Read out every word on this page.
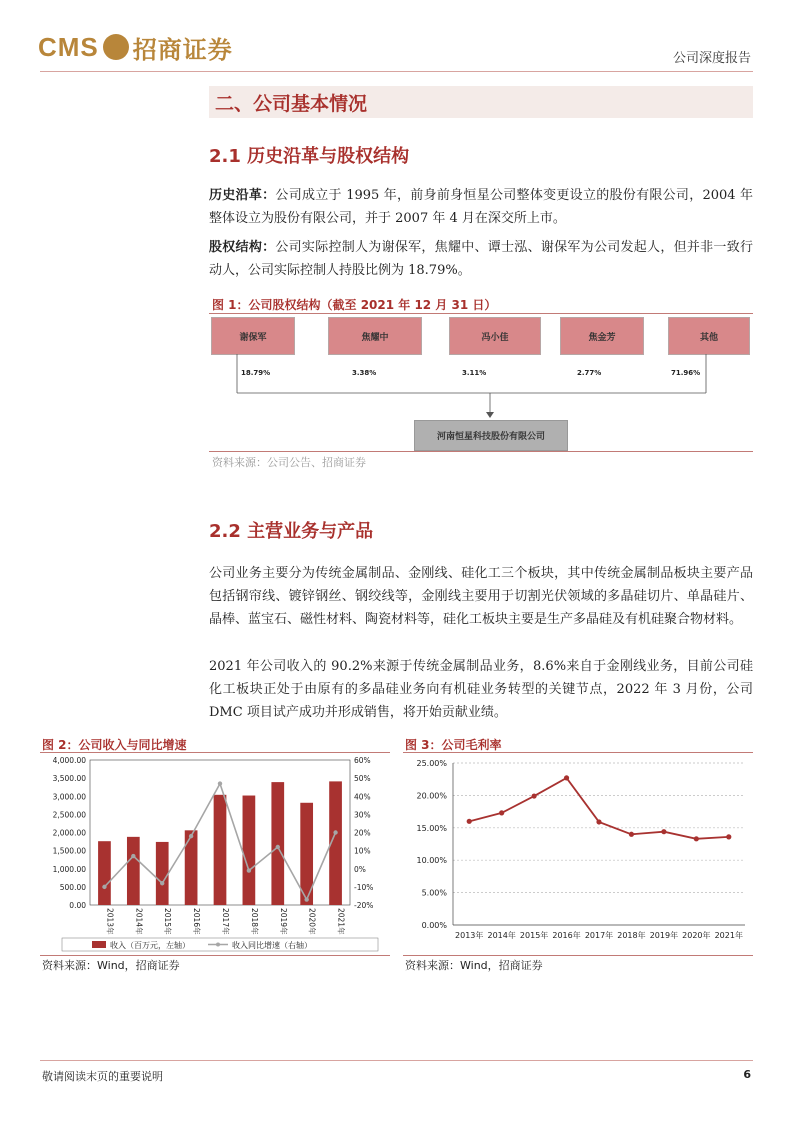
CMS 招商证券	公司深度报告
二、公司基本情况
2.1 历史沿革与股权结构
历史沿革：公司成立于 1995 年，前身前身恒星公司整体变更设立的股份有限公司，2004 年整体设立为股份有限公司，并于 2007 年 4 月在深交所上市。
股权结构：公司实际控制人为谢保军，焦耀中、谭士泓、谢保军为公司发起人，但并非一致行动人，公司实际控制人持股比例为 18.79%。
图 1：公司股权结构（截至 2021 年 12 月 31 日）
谢保军	焦耀中	冯小佳	焦金芳	其他
18.79%	3.38%	3.11%	2.77%	71.96%
河南恒星科技股份有限公司
资料来源：公司公告、招商证券
2.2 主营业务与产品
公司业务主要分为传统金属制品、金刚线、硅化工三个板块，其中传统金属制品板块主要产品包括钢帘线、镀锌钢丝、钢绞线等，金刚线主要用于切割光伏领域的多晶硅切片、单晶硅片、晶棒、蓝宝石、磁性材料、陶瓷材料等，硅化工板块主要是生产多晶硅及有机硅聚合物材料。
2021 年公司收入的 90.2%来源于传统金属制品业务，8.6%来自于金刚线业务，目前公司硅化工板块正处于由原有的多晶硅业务向有机硅业务转型的关键节点，2022 年 3 月份，公司 DMC 项目试产成功并形成销售，将开始贡献业绩。
图 2：公司收入与同比增速
0.00
500.00
1,000.00
1,500.00
2,000.00
2,500.00
3,000.00
3,500.00
4,000.00
-20%
-10%
0%
10%
20%
30%
40%
50%
60%
2013年	2014年	2015年	2016年	2017年	2018年	2019年	2020年	2021年
收入（百万元，左轴）	收入同比增速（右轴）
资料来源：Wind，招商证券
图 3：公司毛利率
0.00%
5.00%
10.00%
15.00%
20.00%
25.00%
2013年 2014年 2015年 2016年 2017年 2018年 2019年 2020年 2021年
资料来源：Wind，招商证券
敬请阅读末页的重要说明	6
